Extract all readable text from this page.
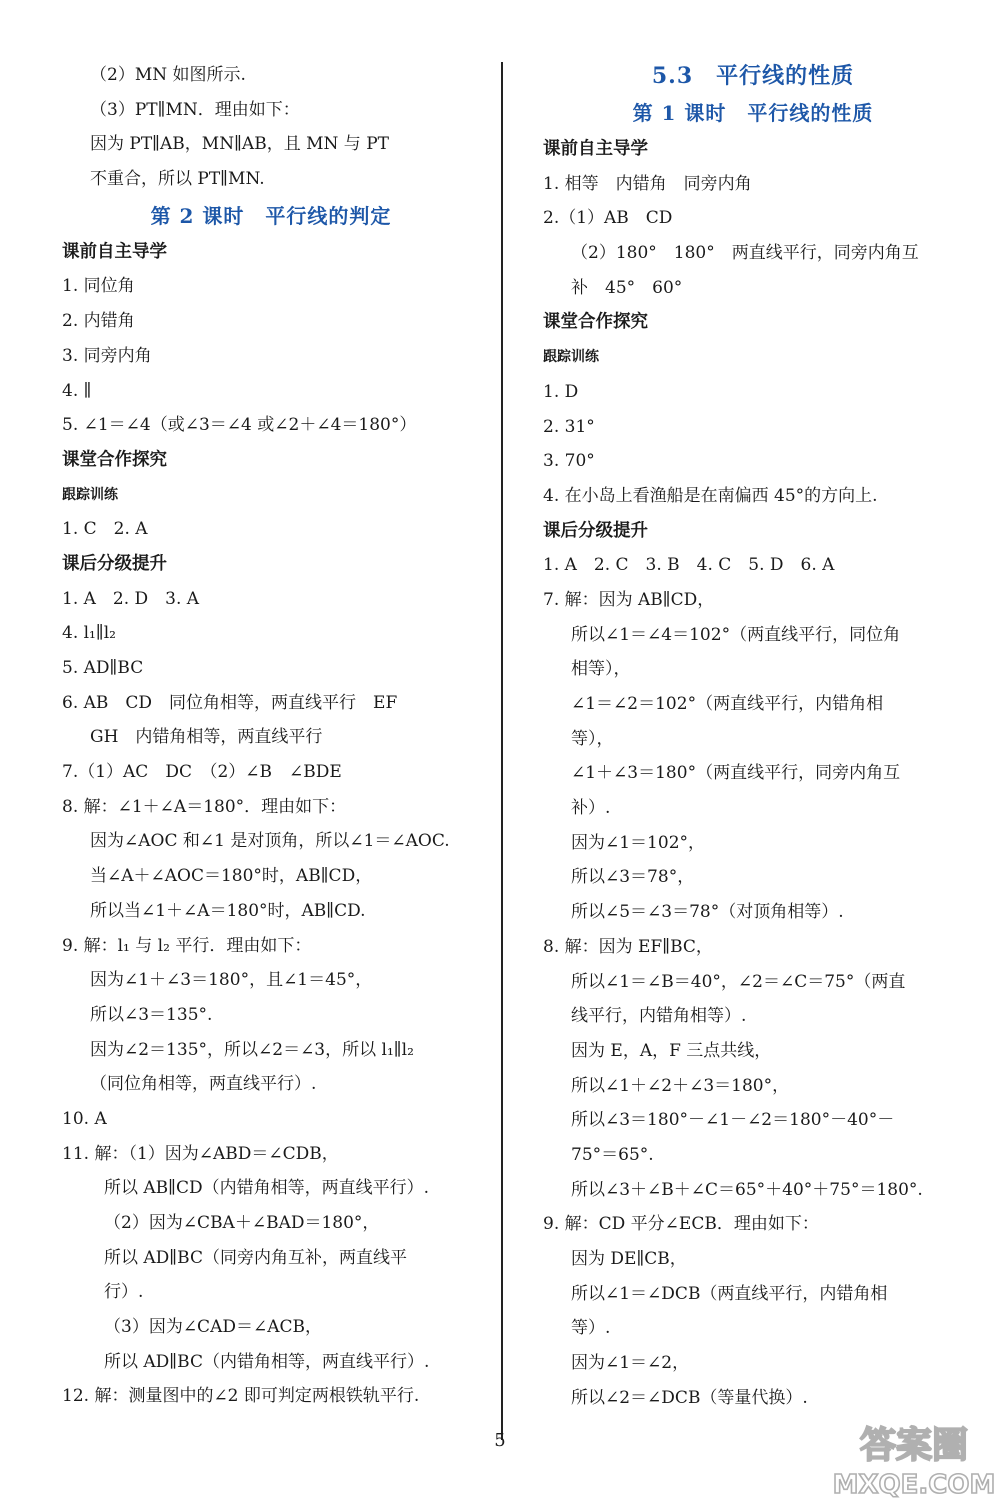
（2）MN 如图所示.
（3）PT∥MN．理由如下：
因为 PT∥AB，MN∥AB，且 MN 与 PT
不重合，所以 PT∥MN.
第 2 课时　平行线的判定
课前自主导学
1. 同位角
2. 内错角
3. 同旁内角
4. ∥
5. ∠1＝∠4（或∠3＝∠4 或∠2＋∠4＝180°）
课堂合作探究
跟踪训练
1. C　2. A
课后分级提升
1. A　2. D　3. A
4. l₁∥l₂
5. AD∥BC
6. AB　CD　同位角相等，两直线平行　EF
GH　内错角相等，两直线平行
7.（1）AC　DC　（2）∠B　∠BDE
8. 解：∠1＋∠A＝180°．理由如下：
因为∠AOC 和∠1 是对顶角，所以∠1＝∠AOC.
当∠A＋∠AOC＝180°时，AB∥CD，
所以当∠1＋∠A＝180°时，AB∥CD.
9. 解：l₁ 与 l₂ 平行．理由如下：
因为∠1＋∠3＝180°，且∠1＝45°，
所以∠3＝135°.
因为∠2＝135°，所以∠2＝∠3，所以 l₁∥l₂
（同位角相等，两直线平行）.
10. A
11. 解：（1）因为∠ABD＝∠CDB，
所以 AB∥CD（内错角相等，两直线平行）.
（2）因为∠CBA＋∠BAD＝180°，
所以 AD∥BC（同旁内角互补，两直线平
行）.
（3）因为∠CAD＝∠ACB，
所以 AD∥BC（内错角相等，两直线平行）.
12. 解：测量图中的∠2 即可判定两根铁轨平行.
5.3　平行线的性质
第 1 课时　平行线的性质
课前自主导学
1. 相等　内错角　同旁内角
2.（1）AB　CD
（2）180°　180°　两直线平行，同旁内角互
补　45°　60°
课堂合作探究
跟踪训练
1. D
2. 31°
3. 70°
4. 在小岛上看渔船是在南偏西 45°的方向上.
课后分级提升
1. A　2. C　3. B　4. C　5. D　6. A
7. 解：因为 AB∥CD，
所以∠1＝∠4＝102°（两直线平行，同位角
相等），
∠1＝∠2＝102°（两直线平行，内错角相
等），
∠1＋∠3＝180°（两直线平行，同旁内角互
补）.
因为∠1＝102°，
所以∠3＝78°，
所以∠5＝∠3＝78°（对顶角相等）.
8. 解：因为 EF∥BC，
所以∠1＝∠B＝40°，∠2＝∠C＝75°（两直
线平行，内错角相等）.
因为 E，A，F 三点共线，
所以∠1＋∠2＋∠3＝180°，
所以∠3＝180°－∠1－∠2＝180°－40°－
75°＝65°.
所以∠3＋∠B＋∠C＝65°＋40°＋75°＝180°.
9. 解：CD 平分∠ECB．理由如下：
因为 DE∥CB，
所以∠1＝∠DCB（两直线平行，内错角相
等）.
因为∠1＝∠2，
所以∠2＝∠DCB（等量代换）.
5	答案圈
MXQE.COM
